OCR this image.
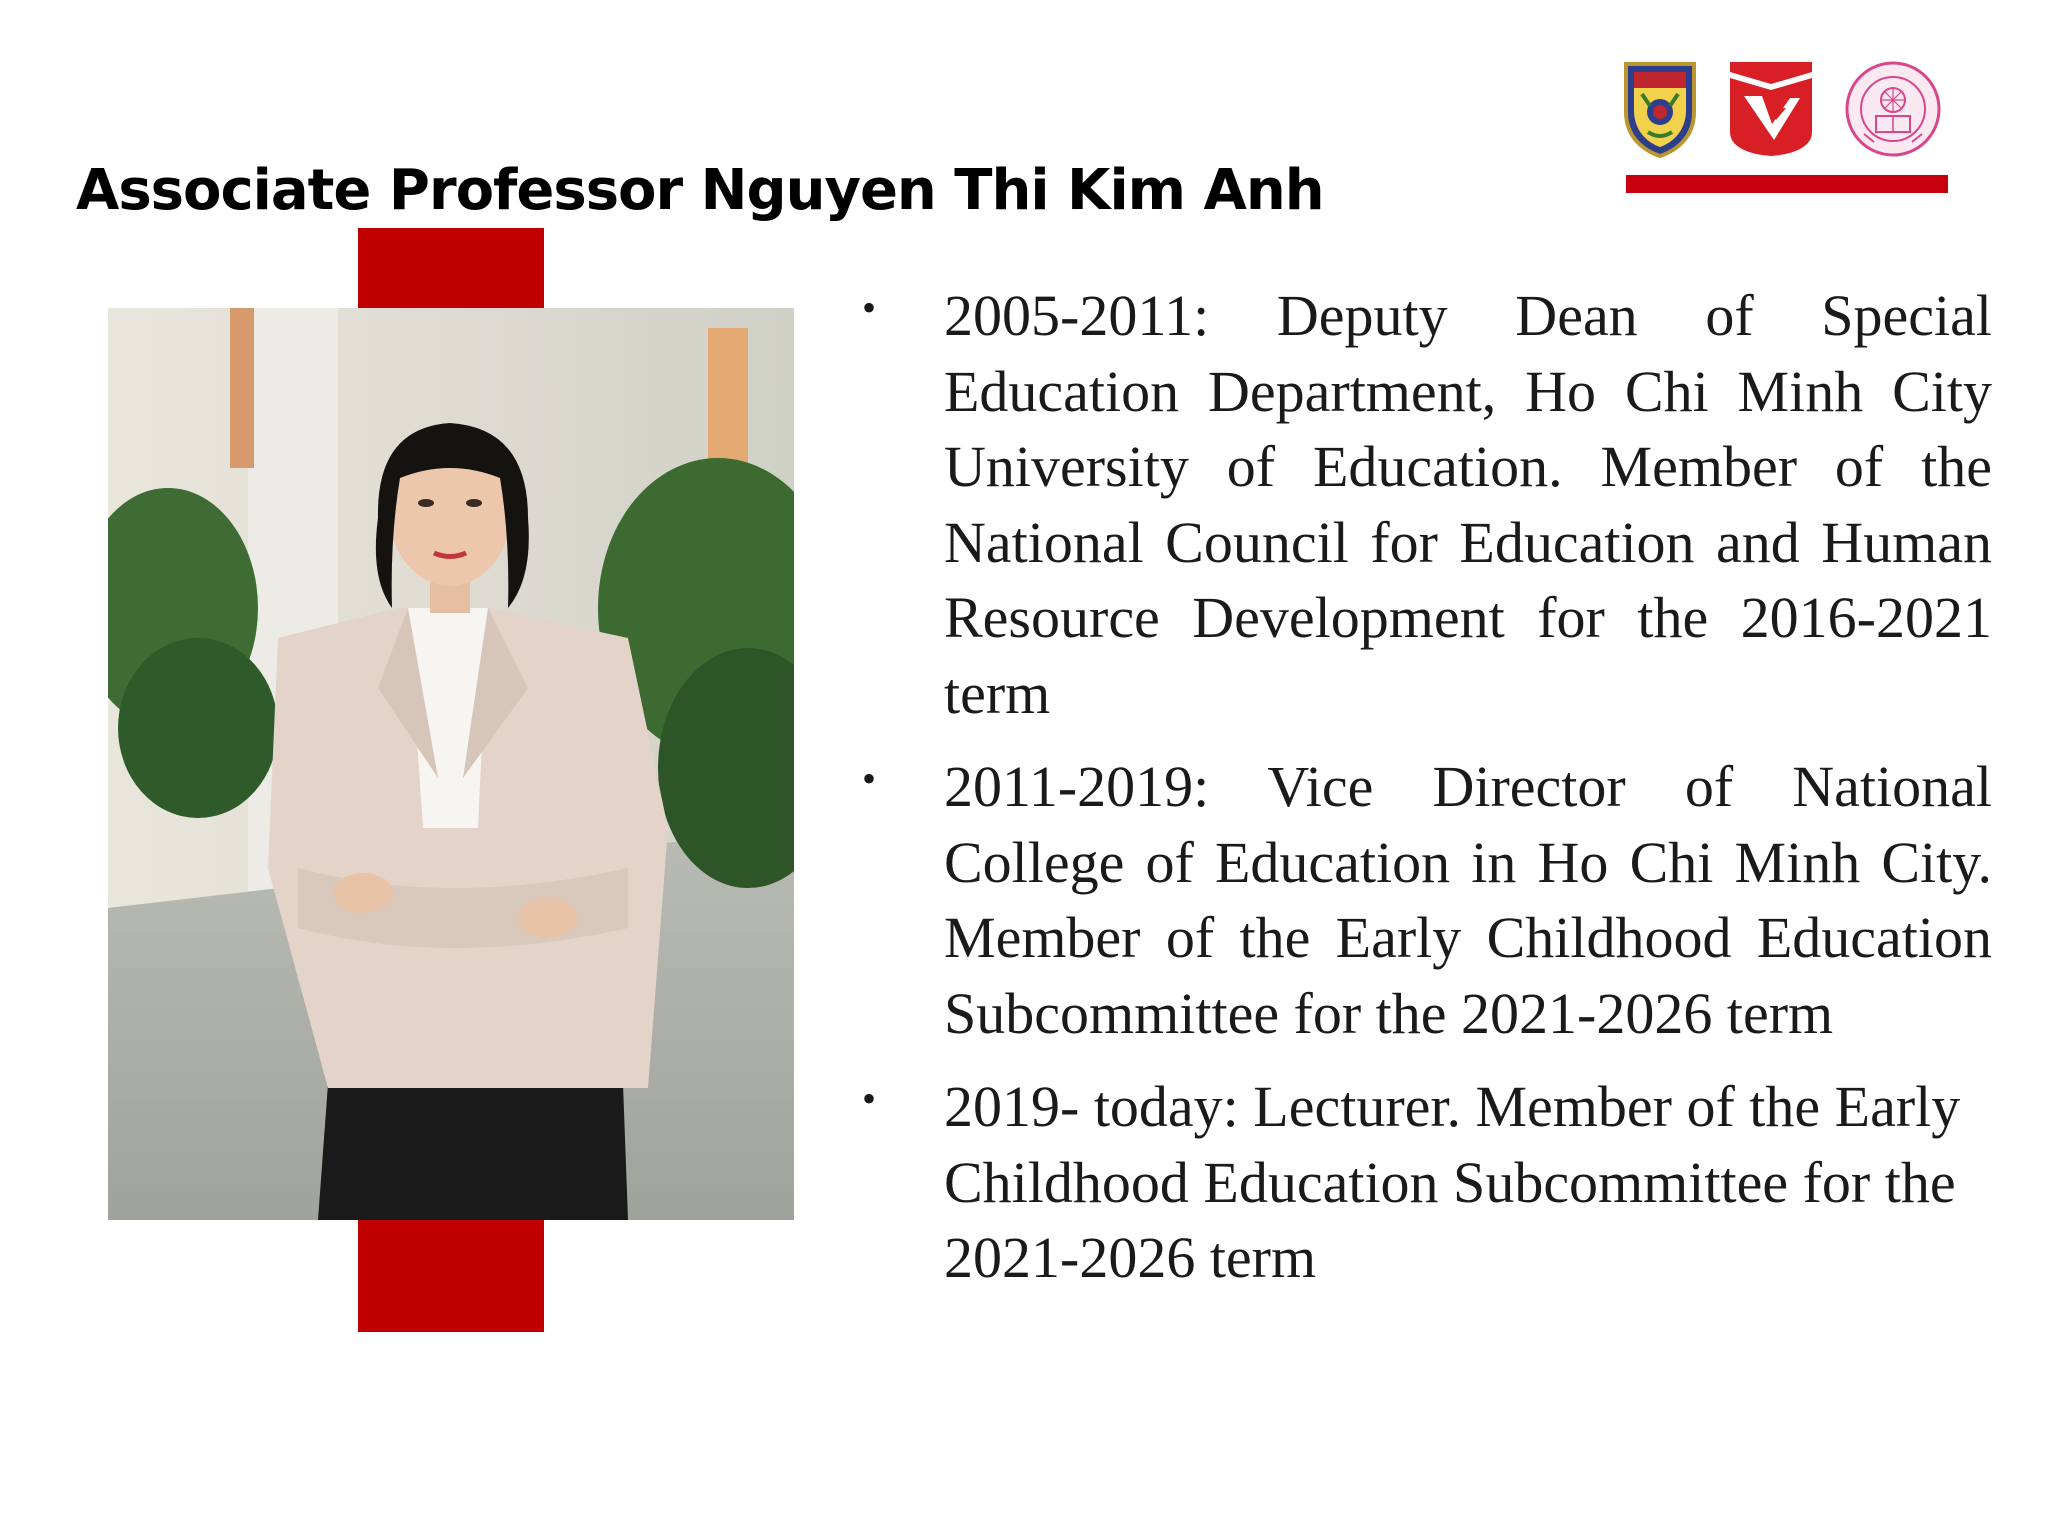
Associate Professor Nguyen Thi Kim Anh
• 2005-2011: Deputy Dean of Special Education Department, Ho Chi Minh City University of Education. Member of the National Council for Education and Human Resource Development for the 2016-2021 term
• 2011-2019: Vice Director of National College of Education in Ho Chi Minh City. Member of the Early Childhood Education Subcommittee for the 2021-2026 term
• 2019- today: Lecturer. Member of the Early Childhood Education Subcommittee for the 2021-2026 term
